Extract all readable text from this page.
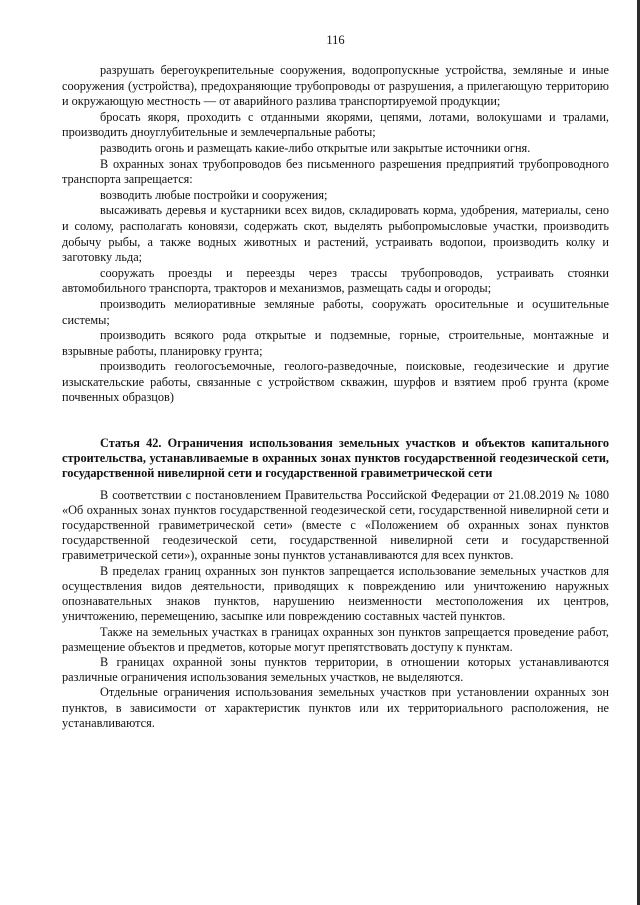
116

разрушать берегоукрепительные сооружения, водопропускные устройства, земляные и иные сооружения (устройства), предохраняющие трубопроводы от разрушения, а прилегающую территорию и окружающую местность — от аварийного разлива транспортируемой продукции;

бросать якоря, проходить с отданными якорями, цепями, лотами, волокушами и тралами, производить дноуглубительные и землечерпальные работы;

разводить огонь и размещать какие-либо открытые или закрытые источники огня.

В охранных зонах трубопроводов без письменного разрешения предприятий трубопроводного транспорта запрещается:

возводить любые постройки и сооружения;

высаживать деревья и кустарники всех видов, складировать корма, удобрения, материалы, сено и солому, располагать коновязи, содержать скот, выделять рыбопромысловые участки, производить добычу рыбы, а также водных животных и растений, устраивать водопои, производить колку и заготовку льда;

сооружать проезды и переезды через трассы трубопроводов, устраивать стоянки автомобильного транспорта, тракторов и механизмов, размещать сады и огороды;

производить мелиоративные земляные работы, сооружать оросительные и осушительные системы;

производить всякого рода открытые и подземные, горные, строительные, монтажные и взрывные работы, планировку грунта;

производить геологосъемочные, геолого-разведочные, поисковые, геодезические и другие изыскательские работы, связанные с устройством скважин, шурфов и взятием проб грунта (кроме почвенных образцов)

Статья 42. Ограничения использования земельных участков и объектов капитального строительства, устанавливаемые в охранных зонах пунктов государственной геодезической сети, государственной нивелирной сети и государственной гравиметрической сети

В соответствии с постановлением Правительства Российской Федерации от 21.08.2019 № 1080 «Об охранных зонах пунктов государственной геодезической сети, государственной нивелирной сети и государственной гравиметрической сети» (вместе с «Положением об охранных зонах пунктов государственной геодезической сети, государственной нивелирной сети и государственной гравиметрической сети»), охранные зоны пунктов устанавливаются для всех пунктов.

В пределах границ охранных зон пунктов запрещается использование земельных участков для осуществления видов деятельности, приводящих к повреждению или уничтожению наружных опознавательных знаков пунктов, нарушению неизменности местоположения их центров, уничтожению, перемещению, засыпке или повреждению составных частей пунктов.

Также на земельных участках в границах охранных зон пунктов запрещается проведение работ, размещение объектов и предметов, которые могут препятствовать доступу к пунктам.

В границах охранной зоны пунктов территории, в отношении которых устанавливаются различные ограничения использования земельных участков, не выделяются.

Отдельные ограничения использования земельных участков при установлении охранных зон пунктов, в зависимости от характеристик пунктов или их территориального расположения, не устанавливаются.
